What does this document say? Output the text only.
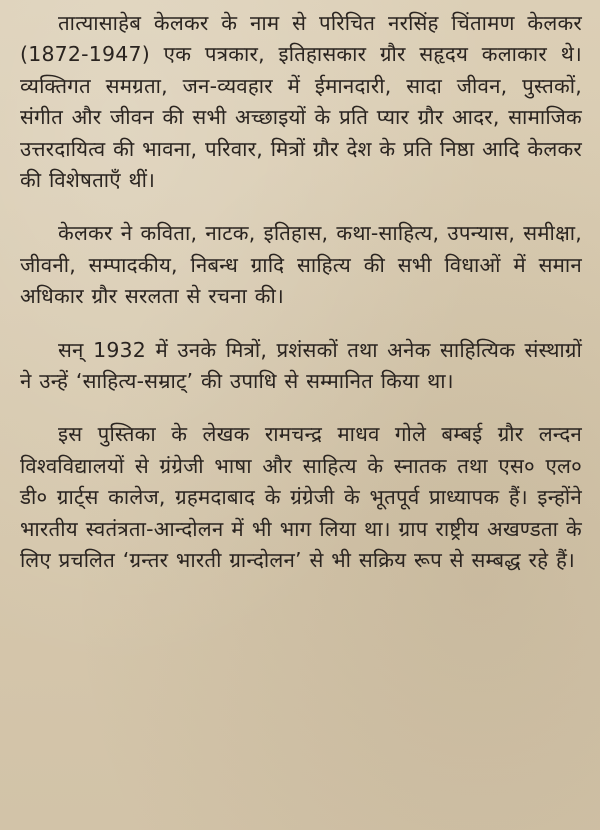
तात्यासाहेब केलकर के नाम से परिचित नरसिंह चिंतामण केलकर (1872-1947) एक पत्रकार, इतिहासकार ग्रौर सहृदय कलाकार थे। व्यक्तिगत समग्रता, जन-व्यवहार में ईमानदारी, सादा जीवन, पुस्तकों, संगीत और जीवन की सभी अच्छाइयों के प्रति प्यार ग्रौर आदर, सामाजिक उत्तरदायित्व की भावना, परिवार, मित्रों ग्रौर देश के प्रति निष्ठा आदि केलकर की विशेषताएँ थीं।

केलकर ने कविता, नाटक, इतिहास, कथा-साहित्य, उपन्यास, समीक्षा, जीवनी, सम्पादकीय, निबन्ध ग्रादि साहित्य की सभी विधाओं में समान अधिकार ग्रौर सरलता से रचना की।

सन् 1932 में उनके मित्रों, प्रशंसकों तथा अनेक साहित्यिक संस्थाग्रों ने उन्हें ‘साहित्य-सम्राट्’ की उपाधि से सम्मानित किया था।

इस पुस्तिका के लेखक रामचन्द्र माधव गोले बम्बई ग्रौर लन्दन विश्वविद्यालयों से ग्रंग्रेजी भाषा और साहित्य के स्नातक तथा एस० एल० डी० ग्रार्ट्स कालेज, ग्रहमदाबाद के ग्रंग्रेजी के भूतपूर्व प्राध्यापक हैं। इन्होंने भारतीय स्वतंत्रता-आन्दोलन में भी भाग लिया था। ग्राप राष्ट्रीय अखण्डता के लिए प्रचलित ‘ग्रन्तर भारती ग्रान्दोलन’ से भी सक्रिय रूप से सम्बद्ध रहे हैं।
